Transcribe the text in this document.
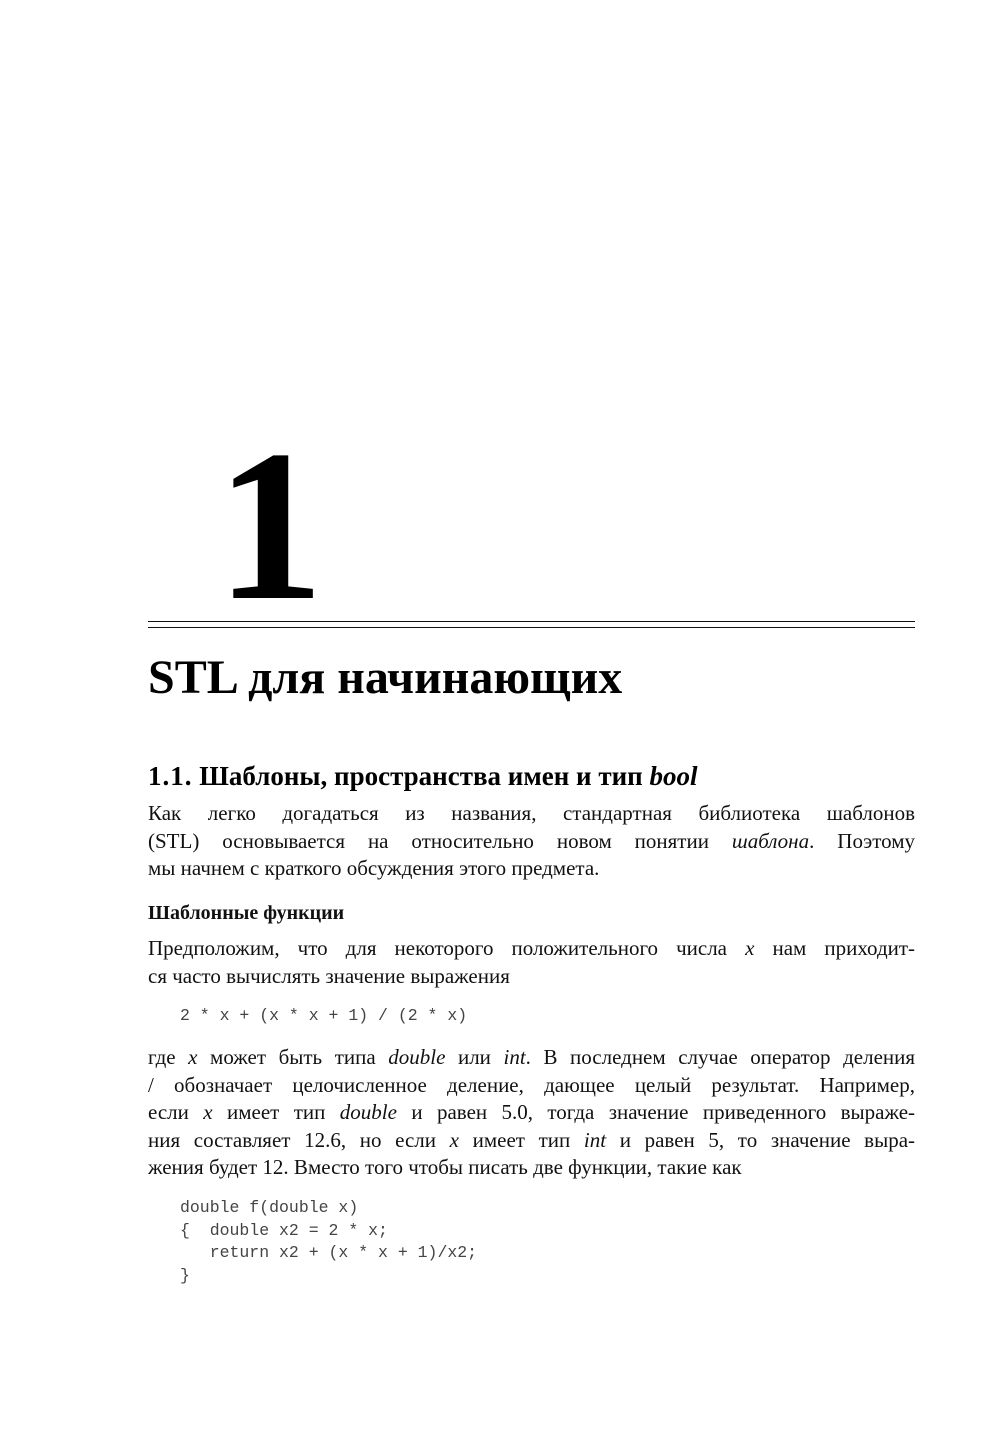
1
STL для начинающих
1.1. Шаблоны, пространства имен и тип bool

Как легко догадаться из названия, стандартная библиотека шаблонов
(STL) основывается на относительно новом понятии шаблона. Поэтому
мы начнем с краткого обсуждения этого предмета.

Шаблонные функции

Предположим, что для некоторого положительного числа x нам приходит-
ся часто вычислять значение выражения

2 * x + (x * x + 1) / (2 * x)

где x может быть типа double или int. В последнем случае оператор деления
/ обозначает целочисленное деление, дающее целый результат. Например,
если x имеет тип double и равен 5.0, тогда значение приведенного выраже-
ния составляет 12.6, но если x имеет тип int и равен 5, то значение выра-
жения будет 12. Вместо того чтобы писать две функции, такие как

double f(double x)
{  double x2 = 2 * x;
return x2 + (x * x + 1)/x2;
}
